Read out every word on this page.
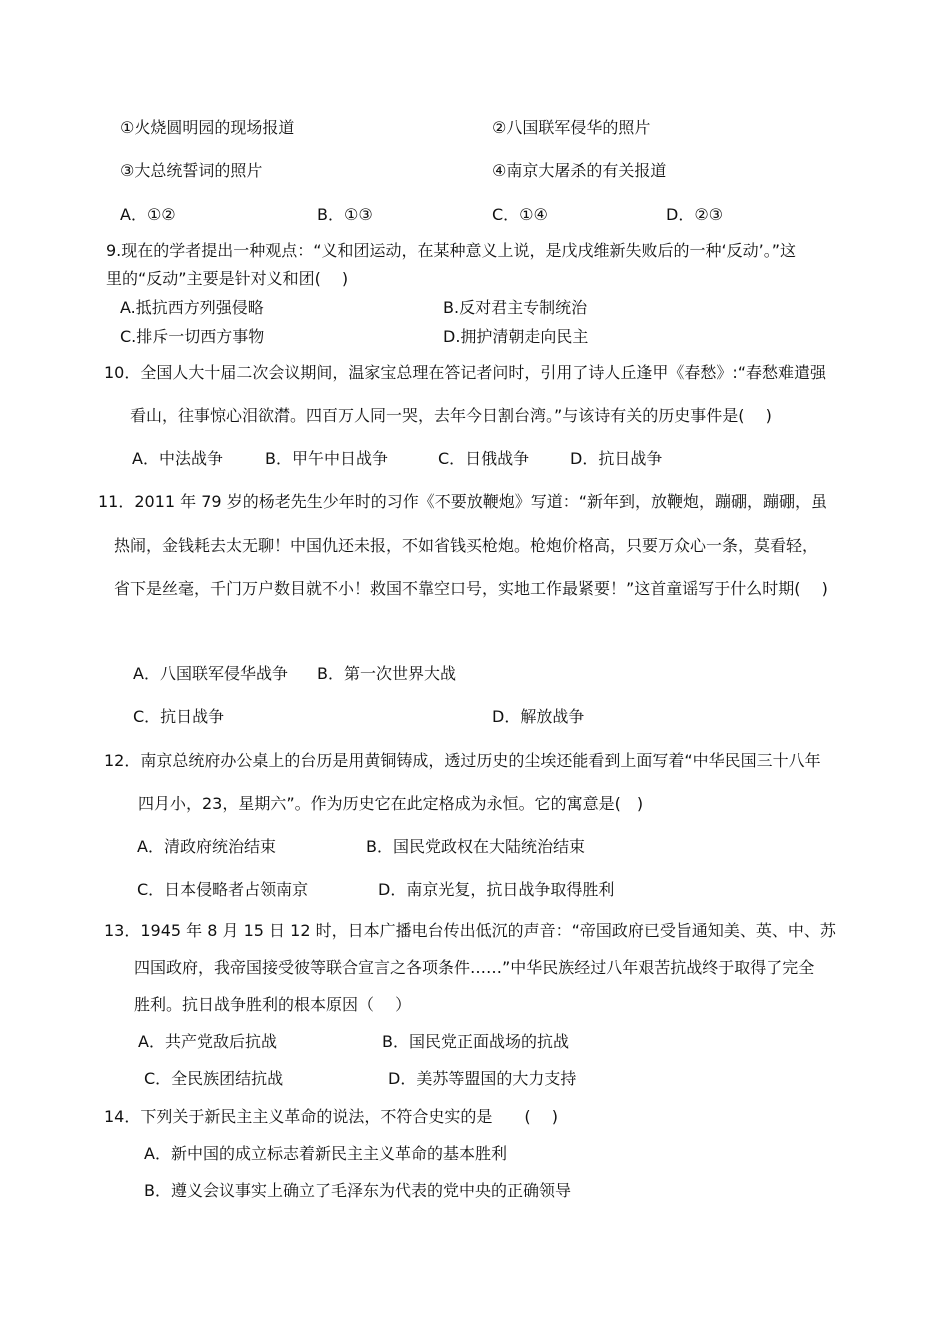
①火烧圆明园的现场报道	②八国联军侵华的照片
③大总统誓词的照片	④南京大屠杀的有关报道
A．①②	B．①③	C．①④	D．②③
9.现在的学者提出一种观点：“义和团运动，在某种意义上说，是戊戌维新失败后的一种‘反动’。”这
里的“反动”主要是针对义和团(　 )
A.抵抗西方列强侵略	B.反对君主专制统治
C.排斥一切西方事物	D.拥护清朝走向民主
10．全国人大十届二次会议期间，温家宝总理在答记者问时，引用了诗人丘逢甲《春愁》:“春愁难遣强
看山，往事惊心泪欲潸。四百万人同一哭，去年今日割台湾。”与该诗有关的历史事件是(　 )
A．中法战争	B．甲午中日战争	C．日俄战争	D．抗日战争
11．2011 年 79 岁的杨老先生少年时的习作《不要放鞭炮》写道：“新年到，放鞭炮，蹦硼，蹦硼，虽
热闹，金钱耗去太无聊！中国仇还未报，不如省钱买枪炮。枪炮价格高，只要万众心一条，莫看轻，
省下是丝毫，千门万户数目就不小！救国不靠空口号，实地工作最紧要！”这首童谣写于什么时期(　 )
A．八国联军侵华战争 B．第一次世界大战
C．抗日战争	D．解放战争
12．南京总统府办公桌上的台历是用黄铜铸成，透过历史的尘埃还能看到上面写着“中华民国三十八年
四月小，23，星期六”。作为历史它在此定格成为永恒。它的寓意是(　)
A．清政府统治结束	B．国民党政权在大陆统治结束
C．日本侵略者占领南京	D．南京光复，抗日战争取得胜利
13．1945 年 8 月 15 日 12 时，日本广播电台传出低沉的声音：“帝国政府已受旨通知美、英、中、苏
四国政府，我帝国接受彼等联合宣言之各项条件……”中华民族经过八年艰苦抗战终于取得了完全
胜利。抗日战争胜利的根本原因（　 ）
A．共产党敌后抗战	B．国民党正面战场的抗战
C．全民族团结抗战	D．美苏等盟国的大力支持
14．下列关于新民主主义革命的说法，不符合史实的是　　(　 )
A．新中国的成立标志着新民主主义革命的基本胜利
B．遵义会议事实上确立了毛泽东为代表的党中央的正确领导
